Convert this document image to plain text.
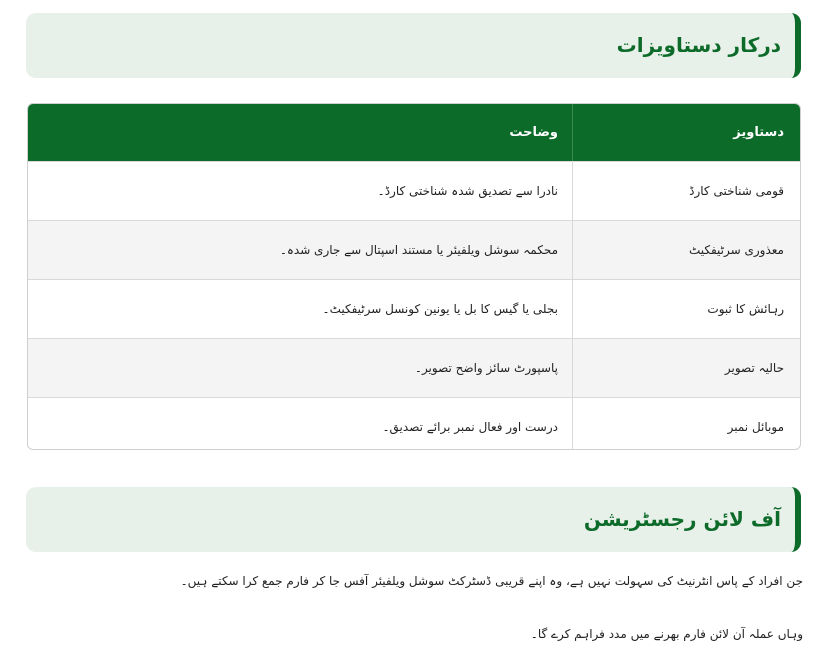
درکار دستاویزات
دستاویز
وضاحت
قومی شناختی کارڈ
نادرا سے تصدیق شدہ شناختی کارڈ۔
معذوری سرٹیفکیٹ
محکمہ سوشل ویلفیئر یا مستند اسپتال سے جاری شدہ۔
رہائش کا ثبوت
بجلی یا گیس کا بل یا یونین کونسل سرٹیفکیٹ۔
حالیہ تصویر
پاسپورٹ سائز واضح تصویر۔
موبائل نمبر
درست اور فعال نمبر برائے تصدیق۔
آف لائن رجسٹریشن

جن افراد کے پاس انٹرنیٹ کی سہولت نہیں ہے، وہ اپنے قریبی ڈسٹرکٹ سوشل ویلفیئر آفس جا کر فارم جمع کرا سکتے ہیں۔

وہاں عملہ آن لائن فارم بھرنے میں مدد فراہم کرے گا۔
